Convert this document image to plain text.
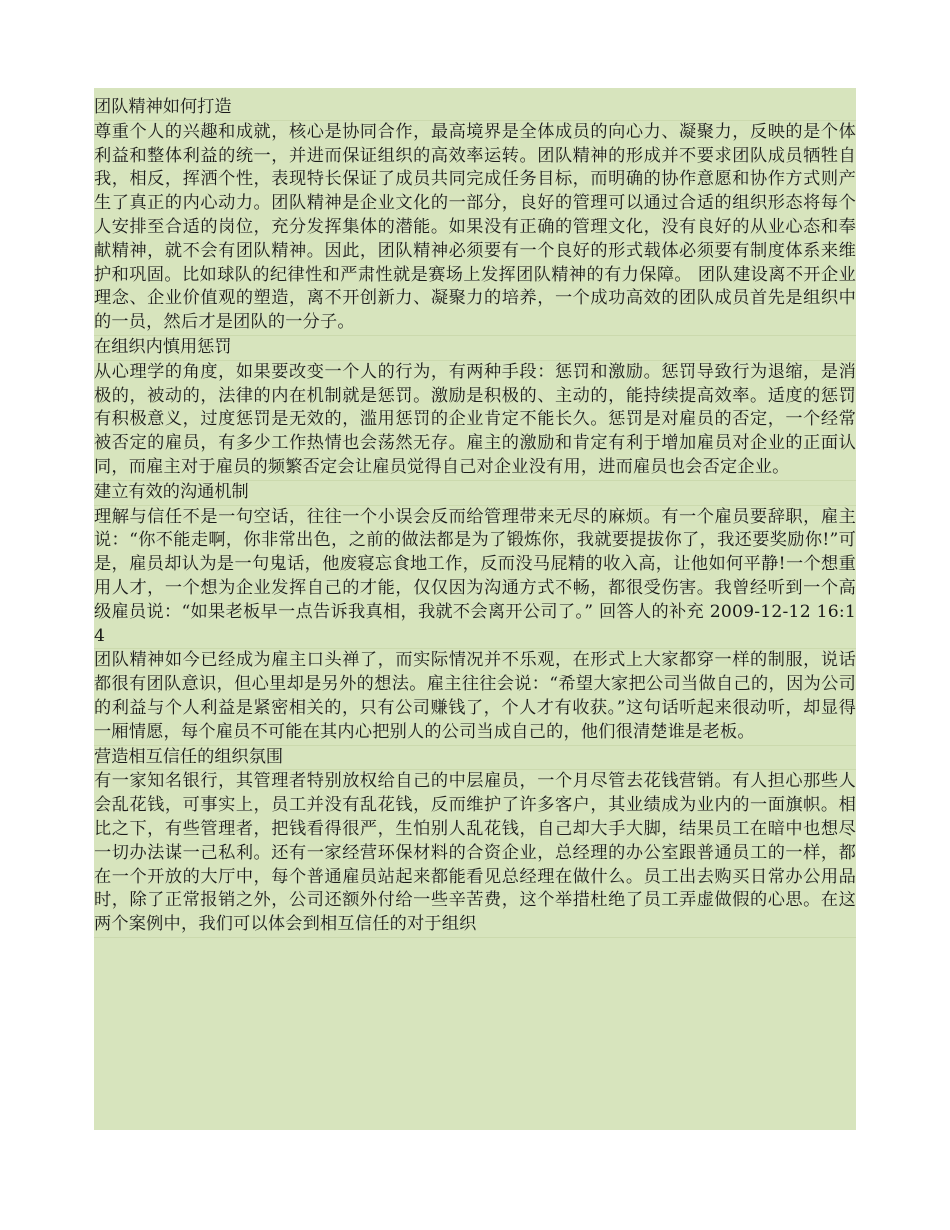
团队精神如何打造

尊重个人的兴趣和成就，核心是协同合作，最高境界是全体成员的向心力、凝聚力，反映的是个体利益和整体利益的统一，并进而保证组织的高效率运转。团队精神的形成并不要求团队成员牺牲自我，相反，挥洒个性，表现特长保证了成员共同完成任务目标，而明确的协作意愿和协作方式则产生了真正的内心动力。团队精神是企业文化的一部分，良好的管理可以通过合适的组织形态将每个人安排至合适的岗位，充分发挥集体的潜能。如果没有正确的管理文化，没有良好的从业心态和奉献精神，就不会有团队精神。因此，团队精神必须要有一个良好的形式载体必须要有制度体系来维护和巩固。比如球队的纪律性和严肃性就是赛场上发挥团队精神的有力保障。 团队建设离不开企业理念、企业价值观的塑造，离不开创新力、凝聚力的培养，一个成功高效的团队成员首先是组织中的一员，然后才是团队的一分子。

在组织内慎用惩罚

从心理学的角度，如果要改变一个人的行为，有两种手段：惩罚和激励。惩罚导致行为退缩，是消极的，被动的，法律的内在机制就是惩罚。激励是积极的、主动的，能持续提高效率。适度的惩罚有积极意义，过度惩罚是无效的，滥用惩罚的企业肯定不能长久。惩罚是对雇员的否定，一个经常被否定的雇员，有多少工作热情也会荡然无存。雇主的激励和肯定有利于增加雇员对企业的正面认同，而雇主对于雇员的频繁否定会让雇员觉得自己对企业没有用，进而雇员也会否定企业。

建立有效的沟通机制

理解与信任不是一句空话，往往一个小误会反而给管理带来无尽的麻烦。有一个雇员要辞职，雇主说：“你不能走啊，你非常出色，之前的做法都是为了锻炼你，我就要提拔你了，我还要奖励你!”可是，雇员却认为是一句鬼话，他废寝忘食地工作，反而没马屁精的收入高，让他如何平静!一个想重用人才，一个想为企业发挥自己的才能，仅仅因为沟通方式不畅，都很受伤害。我曾经听到一个高级雇员说：“如果老板早一点告诉我真相，我就不会离开公司了。” 回答人的补充 2009-12-12 16:14

团队精神如今已经成为雇主口头禅了，而实际情况并不乐观，在形式上大家都穿一样的制服，说话都很有团队意识，但心里却是另外的想法。雇主往往会说：“希望大家把公司当做自己的，因为公司的利益与个人利益是紧密相关的，只有公司赚钱了，个人才有收获。”这句话听起来很动听，却显得一厢情愿，每个雇员不可能在其内心把别人的公司当成自己的，他们很清楚谁是老板。

营造相互信任的组织氛围

有一家知名银行，其管理者特别放权给自己的中层雇员，一个月尽管去花钱营销。有人担心那些人会乱花钱，可事实上，员工并没有乱花钱，反而维护了许多客户，其业绩成为业内的一面旗帜。相比之下，有些管理者，把钱看得很严，生怕别人乱花钱，自己却大手大脚，结果员工在暗中也想尽一切办法谋一己私利。还有一家经营环保材料的合资企业，总经理的办公室跟普通员工的一样，都在一个开放的大厅中，每个普通雇员站起来都能看见总经理在做什么。员工出去购买日常办公用品时，除了正常报销之外，公司还额外付给一些辛苦费，这个举措杜绝了员工弄虚做假的心思。在这两个案例中，我们可以体会到相互信任的对于组织
